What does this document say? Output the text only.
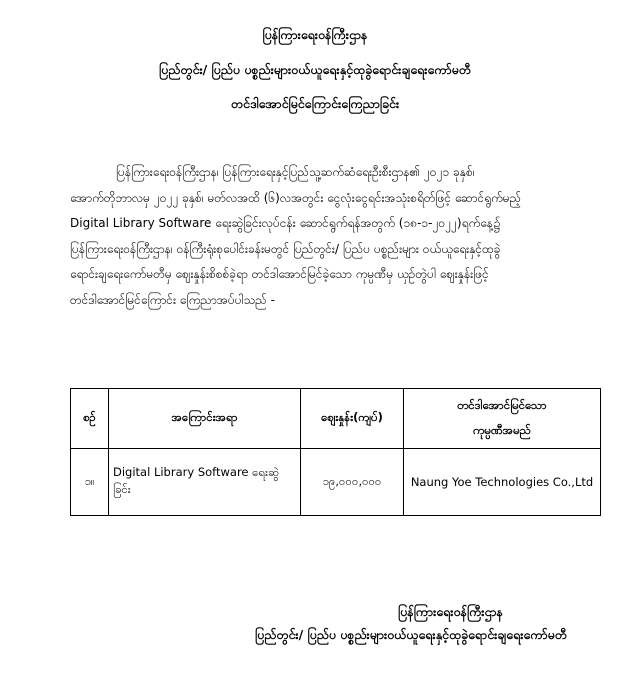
ပြန်ကြားရေးဝန်ကြီးဌာန
ပြည်တွင်း/ ပြည်ပ ပစ္စည်းများဝယ်ယူရေးနှင့်ထုခွဲရောင်းချရေးကော်မတီ
တင်ဒါအောင်မြင်ကြောင်းကြေညာခြင်း
ပြန်ကြားရေးဝန်ကြီးဌာန၊ ပြန်ကြားရေးနှင့်ပြည်သူ့ဆက်ဆံရေးဦးစီးဌာန၏ ၂၀၂၁ ခုနှစ်၊
အောက်တိုဘာလမှ ၂၀၂၂ ခုနှစ်၊ မတ်လအထိ (၆)လအတွင်း ငွေလုံးငွေရင်းအသုံးစရိတ်ဖြင့် ဆောင်ရွက်မည့်
Digital Library Software ရေးဆွဲခြင်းလုပ်ငန်း ဆောင်ရွက်ရန်အတွက် (၁၈-၁-၂၀၂၂)ရက်နေ့၌
ပြန်ကြားရေးဝန်ကြီးဌာန၊ ဝန်ကြီးရုံးစုပေါင်းခန်းမတွင် ပြည်တွင်း/ ပြည်ပ ပစ္စည်းများ ဝယ်ယူရေးနှင့်ထုခွဲ
ရောင်းချရေးကော်မတီမှ ဈေးနှုန်းစိစစ်ခဲ့ရာ တင်ဒါအောင်မြင်ခဲ့သော ကုမ္ပဏီမှ ယှဉ်တွဲပါ ဈေးနှုန်းဖြင့်
တင်ဒါအောင်မြင်ကြောင်း ကြေညာအပ်ပါသည် -
စဉ်	အကြောင်းအရာ	ဈေးနှုန်း(ကျပ်)	တင်ဒါအောင်မြင်သော
ကုမ္ပဏီအမည်

၁။	Digital Library Software ရေးဆွဲခြင်း	၁၉,၀၀၀,၀၀၀	Naung Yoe Technologies Co.,Ltd
ပြန်ကြားရေးဝန်ကြီးဌာန
ပြည်တွင်း/ ပြည်ပ ပစ္စည်းများဝယ်ယူရေးနှင့်ထုခွဲရောင်းချရေးကော်မတီ
